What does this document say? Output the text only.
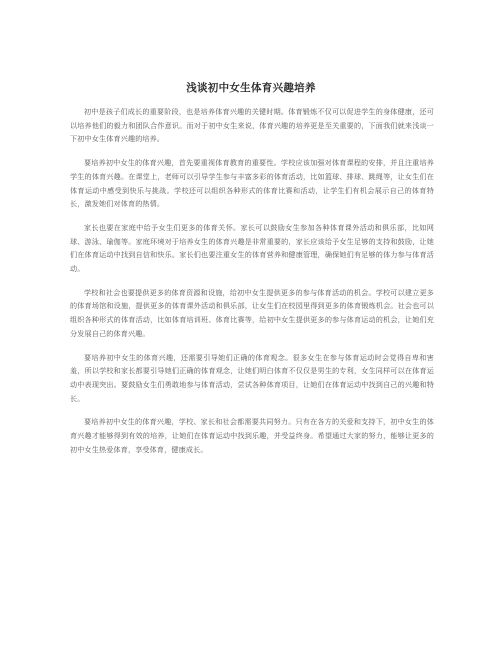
浅谈初中女生体育兴趣培养

初中是孩子们成长的重要阶段，也是培养体育兴趣的关键时期。体育锻炼不仅可以促进学生的身体健康，还可以培养他们的毅力和团队合作意识。而对于初中女生来说，体育兴趣的培养更是至关重要的，下面我们就来浅谈一下初中女生体育兴趣的培养。

要培养初中女生的体育兴趣，首先要重视体育教育的重要性。学校应该加强对体育课程的安排，并且注重培养学生的体育兴趣。在课堂上，老师可以引导学生参与丰富多彩的体育活动，比如篮球、排球、跳绳等，让女生们在体育运动中感受到快乐与挑战。学校还可以组织各种形式的体育比赛和活动，让学生们有机会展示自己的体育特长，激发她们对体育的热情。

家长也要在家庭中给予女生们更多的体育关怀。家长可以鼓励女生参加各种体育课外活动和俱乐部，比如网球、游泳、瑜伽等。家庭环境对于培养女生的体育兴趣是非常重要的，家长应该给予女生足够的支持和鼓励，让她们在体育运动中找到自信和快乐。家长们也要注重女生的体育营养和健康管理，确保她们有足够的体力参与体育活动。

学校和社会也要提供更多的体育资源和设施，给初中女生提供更多的参与体育活动的机会。学校可以建立更多的体育场馆和设施，提供更多的体育课外活动和俱乐部，让女生们在校园里得到更多的体育锻炼机会。社会也可以组织各种形式的体育活动，比如体育培训班、体育比赛等，给初中女生提供更多的参与体育运动的机会，让她们充分发展自己的体育兴趣。

要培养初中女生的体育兴趣，还需要引导她们正确的体育观念。很多女生在参与体育运动时会觉得自卑和害羞，所以学校和家长都要引导她们正确的体育观念，让她们明白体育不仅仅是男生的专利，女生同样可以在体育运动中表现突出。要鼓励女生们勇敢地参与体育活动，尝试各种体育项目，让她们在体育运动中找到自己的兴趣和特长。

要培养初中女生的体育兴趣，学校、家长和社会都需要共同努力。只有在各方的关爱和支持下，初中女生的体育兴趣才能够得到有效的培养，让她们在体育运动中找到乐趣，并受益终身。希望通过大家的努力，能够让更多的初中女生热爱体育，享受体育，健康成长。
